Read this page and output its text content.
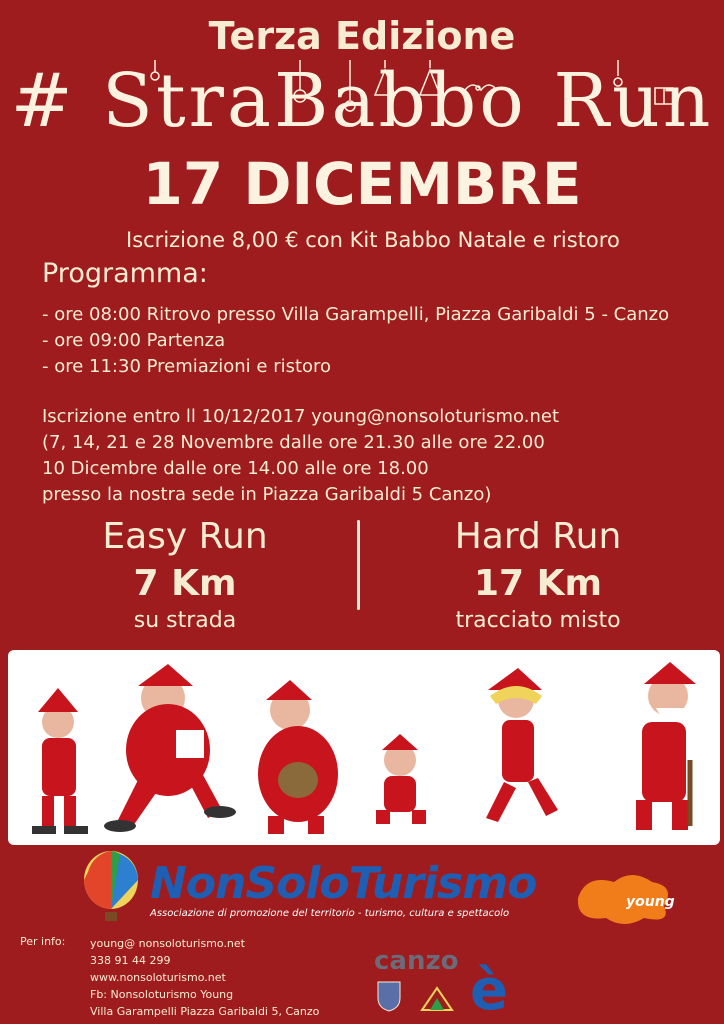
Terza Edizione
# StraBabbo Run
17 DICEMBRE
Iscrizione 8,00 € con Kit Babbo Natale e ristoro
Programma:
- ore 08:00 Ritrovo presso Villa Garampelli, Piazza Garibaldi 5 - Canzo
- ore 09:00 Partenza
- ore 11:30 Premiazioni e ristoro
Iscrizione entro ll 10/12/2017 young@nonsoloturismo.net
(7, 14, 21 e 28 Novembre dalle ore 21.30 alle ore 22.00
10 Dicembre dalle ore 14.00 alle ore 18.00
presso la nostra sede in Piazza Garibaldi 5 Canzo)
Easy Run
7 Km
su strada
Hard Run
17 Km
tracciato misto
NonSoloTurismo
Associazione di promozione del territorio - turismo, cultura e spettacolo
young
Per info: young@ nonsoloturismo.net
338 91 44 299
www.nonsoloturismo.net
Fb: Nonsoloturismo Young
Villa Garampelli Piazza Garibaldi 5, Canzo
canzo è
